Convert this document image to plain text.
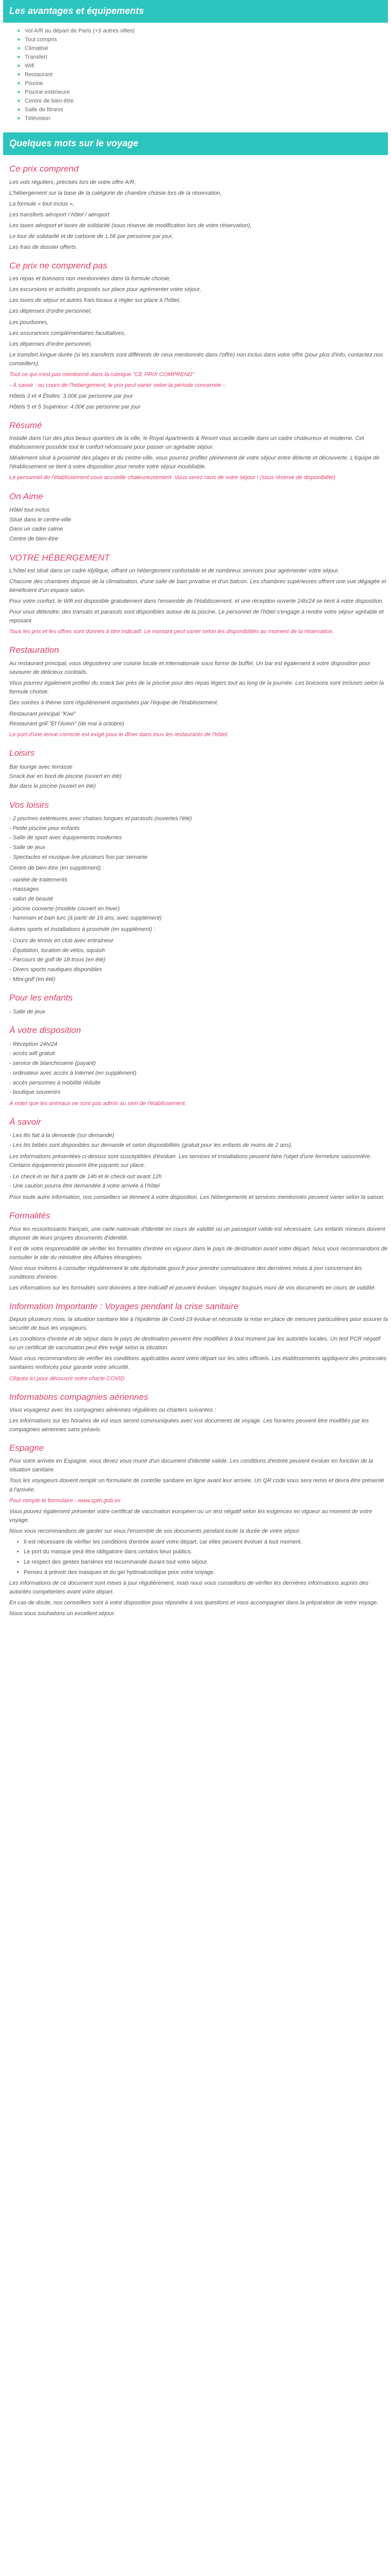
Les avantages et équipements
■ Vol A/R au départ de Paris (+3 autres villes)
■ Tout compris
■ Climatisé
■ Transfert
■ Wifi
■ Restaurant
■ Piscine
■ Piscine extérieure
■ Centre de bien-être
■ Salle de fitness
■ Télévision
Quelques mots sur le voyage
Ce prix comprend

Les vols réguliers, précisés lors de votre offre A/R,

L'hébergement sur la base de la catégorie de chambre choisie lors de la réservation,

La formule « tout inclus »,

Les transferts aéroport / hôtel / aéroport

Les taxes aéroport et taxes de solidarité (sous réserve de modification lors de votre réservation),

Le tour de solidarité et de carbone de 1.5€ par personne par jour,

Les frais de dossier offerts.

Ce prix ne comprend pas

Les repas et boissons non mentionnées dans la formule choisie,

Les excursions et activités proposés sur place pour agrémenter votre séjour,

Les taxes de séjour et autres frais locaux à régler sur place à l'hôtel,

Les dépenses d'ordre personnel,

Les pourboires,

Les assurances complémentaires facultatives,

Les dépenses d'ordre personnel,

Le transfert longue durée (si les transferts sont différents de ceux mentionnés dans l'offre) non inclus dans votre offre (pour plus d'info, contactez nos conseillers).

Tout ce qui n'est pas mentionné dans la rubrique "CE PRIX COMPREND"

- À savoir : au cours de l'hébergement, le prix peut varier selon la période concernée -

Hôtels 3 et 4 Étoiles: 3.00€ par personne par jour

Hôtels 5 et 5 Supérieur: 4.00€ par personne par jour

Résumé

Installé dans l'un des plus beaux quartiers de la ville, le Royal Apartments & Resort vous accueille dans un cadre chaleureux et moderne. Cet établissement possède tout le confort nécessaire pour passer un agréable séjour.

Idéalement situé à proximité des plages et du centre-ville, vous pourrez profiter pleinement de votre séjour entre détente et découverte. L'équipe de l'établissement se tient à votre disposition pour rendre votre séjour inoubliable.

Le personnel de l'établissement vous accueille chaleureusement. Vous serez ravis de votre séjour ! (sous réserve de disponibilité)

On Aime
Hôtel tout inclus
Situé dans le centre-ville
Dans un cadre calme
Centre de bien-être
VOTRE HÉBERGEMENT

L'hôtel est situé dans un cadre idyllique, offrant un hébergement confortable et de nombreux services pour agrémenter votre séjour.

Chacune des chambres dispose de la climatisation, d'une salle de bain privative et d'un balcon. Les chambres supérieures offrent une vue dégagée et bénéficient d'un espace salon.

Pour votre confort, le Wifi est disponible gratuitement dans l'ensemble de l'établissement, et une réception ouverte 24h/24 se tient à votre disposition.

Pour vous détendre, des transats et parasols sont disponibles autour de la piscine. Le personnel de l'hôtel s'engage à rendre votre séjour agréable et reposant.

Tous les prix et les offres sont donnés à titre indicatif. Le montant peut varier selon les disponibilités au moment de la réservation.

Restauration

Au restaurant principal, vous dégusterez une cuisine locale et internationale sous forme de buffet. Un bar est également à votre disposition pour savourer de délicieux cocktails.

Vous pourrez également profiter du snack bar près de la piscine pour des repas légers tout au long de la journée. Les boissons sont incluses selon la formule choisie.

Des soirées à thème sont régulièrement organisées par l'équipe de l'établissement.

Restaurant principal "Kiwi"
Restaurant grill "Et l'Avion" (de mai à octobre)

Le port d'une tenue correcte est exigé pour le dîner dans tous les restaurants de l'hôtel.

Loisirs
Bar lounge avec terrasse
Snack-bar en bord de piscine (ouvert en été)
Bar dans la piscine (ouvert en été)
Vos loisirs
- 2 piscines extérieures avec chaises longues et parasols (ouvertes l'été)
- Petite piscine pour enfants
- Salle de sport avec équipements modernes
- Salle de jeux
- Spectacles et musique live plusieurs fois par semaine

Centre de bien-être (en supplément) :

- variété de traitements
- massages
- salon de beauté
- piscine couverte (modèle couvert en hiver)
- hammam et bain turc (à partir de 16 ans, avec supplément)

Autres sports et installations à proximité (en supplément) :

- Cours de tennis en club avec entraîneur
- Équitation, location de vélos, squash
- Parcours de golf de 18 trous (en été)
- Divers sports nautiques disponibles
- Mini-golf (en été)
Pour les enfants
- Salle de jeux
À votre disposition
- Réception 24h/24
- accès wifi gratuit
- service de blanchisserie (payant)
- ordinateur avec accès à Internet (en supplément)
- accès personnes à mobilité réduite
- boutique souvenirs

À noter que les animaux ne sont pas admis au sein de l'établissement.

À savoir
- Les lits fait à la demande (sur demande)
- Les lits bébés sont disponibles sur demande et selon disponibilités (gratuit pour les enfants de moins de 2 ans).

Les informations présentées ci-dessus sont susceptibles d'évoluer. Les services et installations peuvent faire l'objet d'une fermeture saisonnière. Certains équipements peuvent être payants sur place.

- Le check-in se fait à partir de 14h et le check-out avant 12h
- Une caution pourra être demandée à votre arrivée à l'hôtel

Pour toute autre information, nos conseillers se tiennent à votre disposition. Les hébergements et services mentionnés peuvent varier selon la saison.

Formalités

Pour les ressortissants français, une carte nationale d'identité en cours de validité ou un passeport valide est nécessaire. Les enfants mineurs doivent disposer de leurs propres documents d'identité.

Il est de votre responsabilité de vérifier les formalités d'entrée en vigueur dans le pays de destination avant votre départ. Nous vous recommandons de consulter le site du ministère des Affaires étrangères.

Nous vous invitons à consulter régulièrement le site diplomatie.gouv.fr pour prendre connaissance des dernières mises à jour concernant les conditions d'entrée.

Les informations sur les formalités sont données à titre indicatif et peuvent évoluer. Voyagez toujours muni de vos documents en cours de validité.

Information Importante : Voyages pendant la crise sanitaire

Depuis plusieurs mois, la situation sanitaire liée à l'épidémie de Covid-19 évolue et nécessite la mise en place de mesures particulières pour assurer la sécurité de tous les voyageurs.

Les conditions d'entrée et de séjour dans le pays de destination peuvent être modifiées à tout moment par les autorités locales. Un test PCR négatif ou un certificat de vaccination peut être exigé selon la situation.

Nous vous recommandons de vérifier les conditions applicables avant votre départ sur les sites officiels. Les établissements appliquent des protocoles sanitaires renforcés pour garantir votre sécurité.

Cliquez ici pour découvrir notre charte COVID

Informations compagnies aériennes

Vous voyagerez avec les compagnies aériennes régulières ou charters suivantes :

Les informations sur les horaires de vol vous seront communiquées avec vos documents de voyage. Les horaires peuvent être modifiés par les compagnies aériennes sans préavis.

Espagne

Pour votre arrivée en Espagne, vous devez vous munir d'un document d'identité valide. Les conditions d'entrée peuvent évoluer en fonction de la situation sanitaire.

Tous les voyageurs doivent remplir un formulaire de contrôle sanitaire en ligne avant leur arrivée. Un QR code vous sera remis et devra être présenté à l'arrivée.

Pour remplir le formulaire : www.spth.gob.es

Vous pouvez également présenter votre certificat de vaccination européen ou un test négatif selon les exigences en vigueur au moment de votre voyage.

Nous vous recommandons de garder sur vous l'ensemble de vos documents pendant toute la durée de votre séjour.

• Il est nécessaire de vérifier les conditions d'entrée avant votre départ, car elles peuvent évoluer à tout moment.
• Le port du masque peut être obligatoire dans certains lieux publics.
• Le respect des gestes barrières est recommandé durant tout votre séjour.
• Pensez à prévoir des masques et du gel hydroalcoolique pour votre voyage.

Les informations de ce document sont mises à jour régulièrement, mais nous vous conseillons de vérifier les dernières informations auprès des autorités compétentes avant votre départ.

En cas de doute, nos conseillers sont à votre disposition pour répondre à vos questions et vous accompagner dans la préparation de votre voyage.

Nous vous souhaitons un excellent séjour.
